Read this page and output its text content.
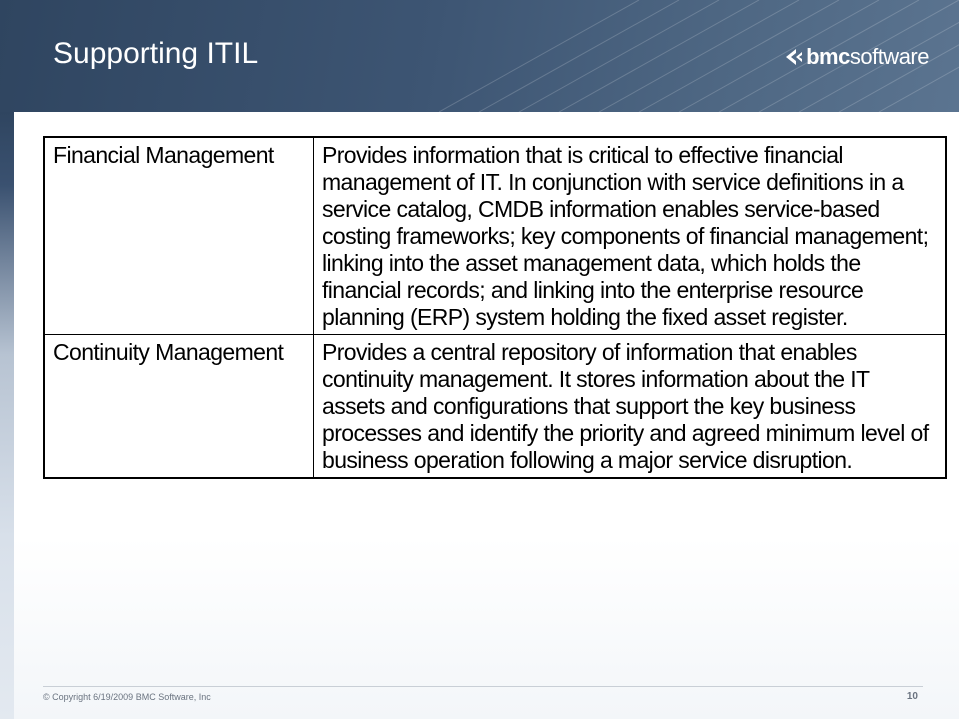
Supporting ITIL	bmcsoftware
Financial Management	Provides information that is critical to effective financial management of IT. In conjunction with service definitions in a service catalog, CMDB information enables service-based costing frameworks; key components of financial management; linking into the asset management data, which holds the financial records; and linking into the enterprise resource planning (ERP) system holding the fixed asset register.
Continuity Management	Provides a central repository of information that enables continuity management. It stores information about the IT assets and configurations that support the key business processes and identify the priority and agreed minimum level of business operation following a major service disruption.
© Copyright 6/19/2009 BMC Software, Inc	10
